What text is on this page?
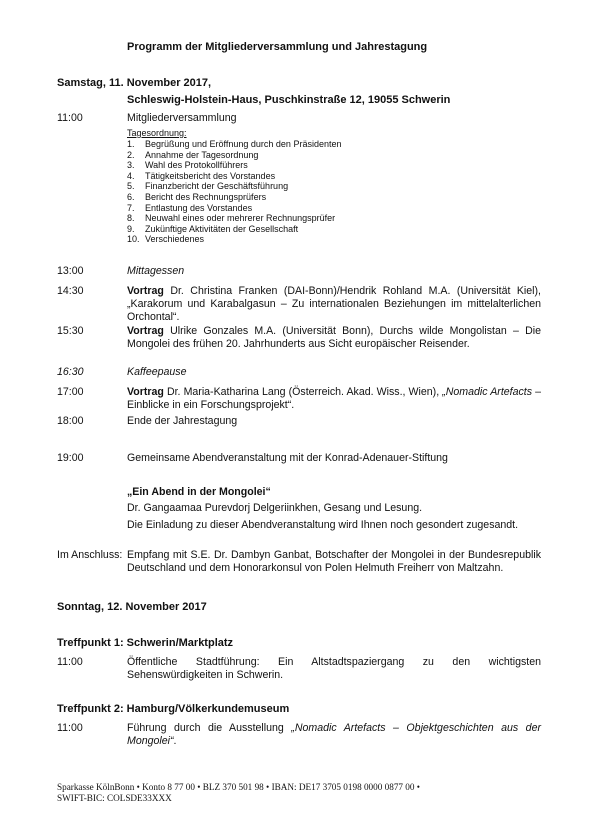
Programm der Mitgliederversammlung und Jahrestagung
Samstag, 11. November 2017,
Schleswig-Holstein-Haus, Puschkinstraße 12, 19055 Schwerin
11:00	Mitgliederversammlung
Tagesordnung:
1. Begrüßung und Eröffnung durch den Präsidenten
2. Annahme der Tagesordnung
3. Wahl des Protokollführers
4. Tätigkeitsbericht des Vorstandes
5. Finanzbericht der Geschäftsführung
6. Bericht des Rechnungsprüfers
7. Entlastung des Vorstandes
8. Neuwahl eines oder mehrerer Rechnungsprüfer
9. Zukünftige Aktivitäten der Gesellschaft
10. Verschiedenes
13:00	Mittagessen
14:30	Vortrag Dr. Christina Franken (DAI-Bonn)/Hendrik Rohland M.A. (Universität Kiel), „Karakorum und Karabalgasun – Zu internationalen Beziehungen im mittelalterlichen Orchontal“.
15:30	Vortrag Ulrike Gonzales M.A. (Universität Bonn), Durchs wilde Mongolistan – Die Mongolei des frühen 20. Jahrhunderts aus Sicht europäischer Reisender.
16:30	Kaffeepause
17:00	Vortrag Dr. Maria-Katharina Lang (Österreich. Akad. Wiss., Wien), „Nomadic Artefacts – Einblicke in ein Forschungsprojekt“.
18:00	Ende der Jahrestagung
19:00	Gemeinsame Abendveranstaltung mit der Konrad-Adenauer-Stiftung
„Ein Abend in der Mongolei“
Dr. Gangaamaa Purevdorj Delgeriinkhen, Gesang und Lesung.
Die Einladung zu dieser Abendveranstaltung wird Ihnen noch gesondert zugesandt.
Im Anschluss: Empfang mit S.E. Dr. Dambyn Ganbat, Botschafter der Mongolei in der Bundesrepublik Deutschland und dem Honorarkonsul von Polen Helmuth Freiherr von Maltzahn.
Sonntag, 12. November 2017
Treffpunkt 1: Schwerin/Marktplatz
11:00	Öffentliche Stadtführung: Ein Altstadtspaziergang zu den wichtigsten Sehenswürdigkeiten in Schwerin.
Treffpunkt 2: Hamburg/Völkerkundemuseum
11:00	Führung durch die Ausstellung „Nomadic Artefacts – Objektgeschichten aus der Mongolei“.
Sparkasse KölnBonn • Konto 8 77 00 • BLZ 370 501 98 • IBAN: DE17 3705 0198 0000 0877 00 •
SWIFT-BIC: COLSDE33XXX
